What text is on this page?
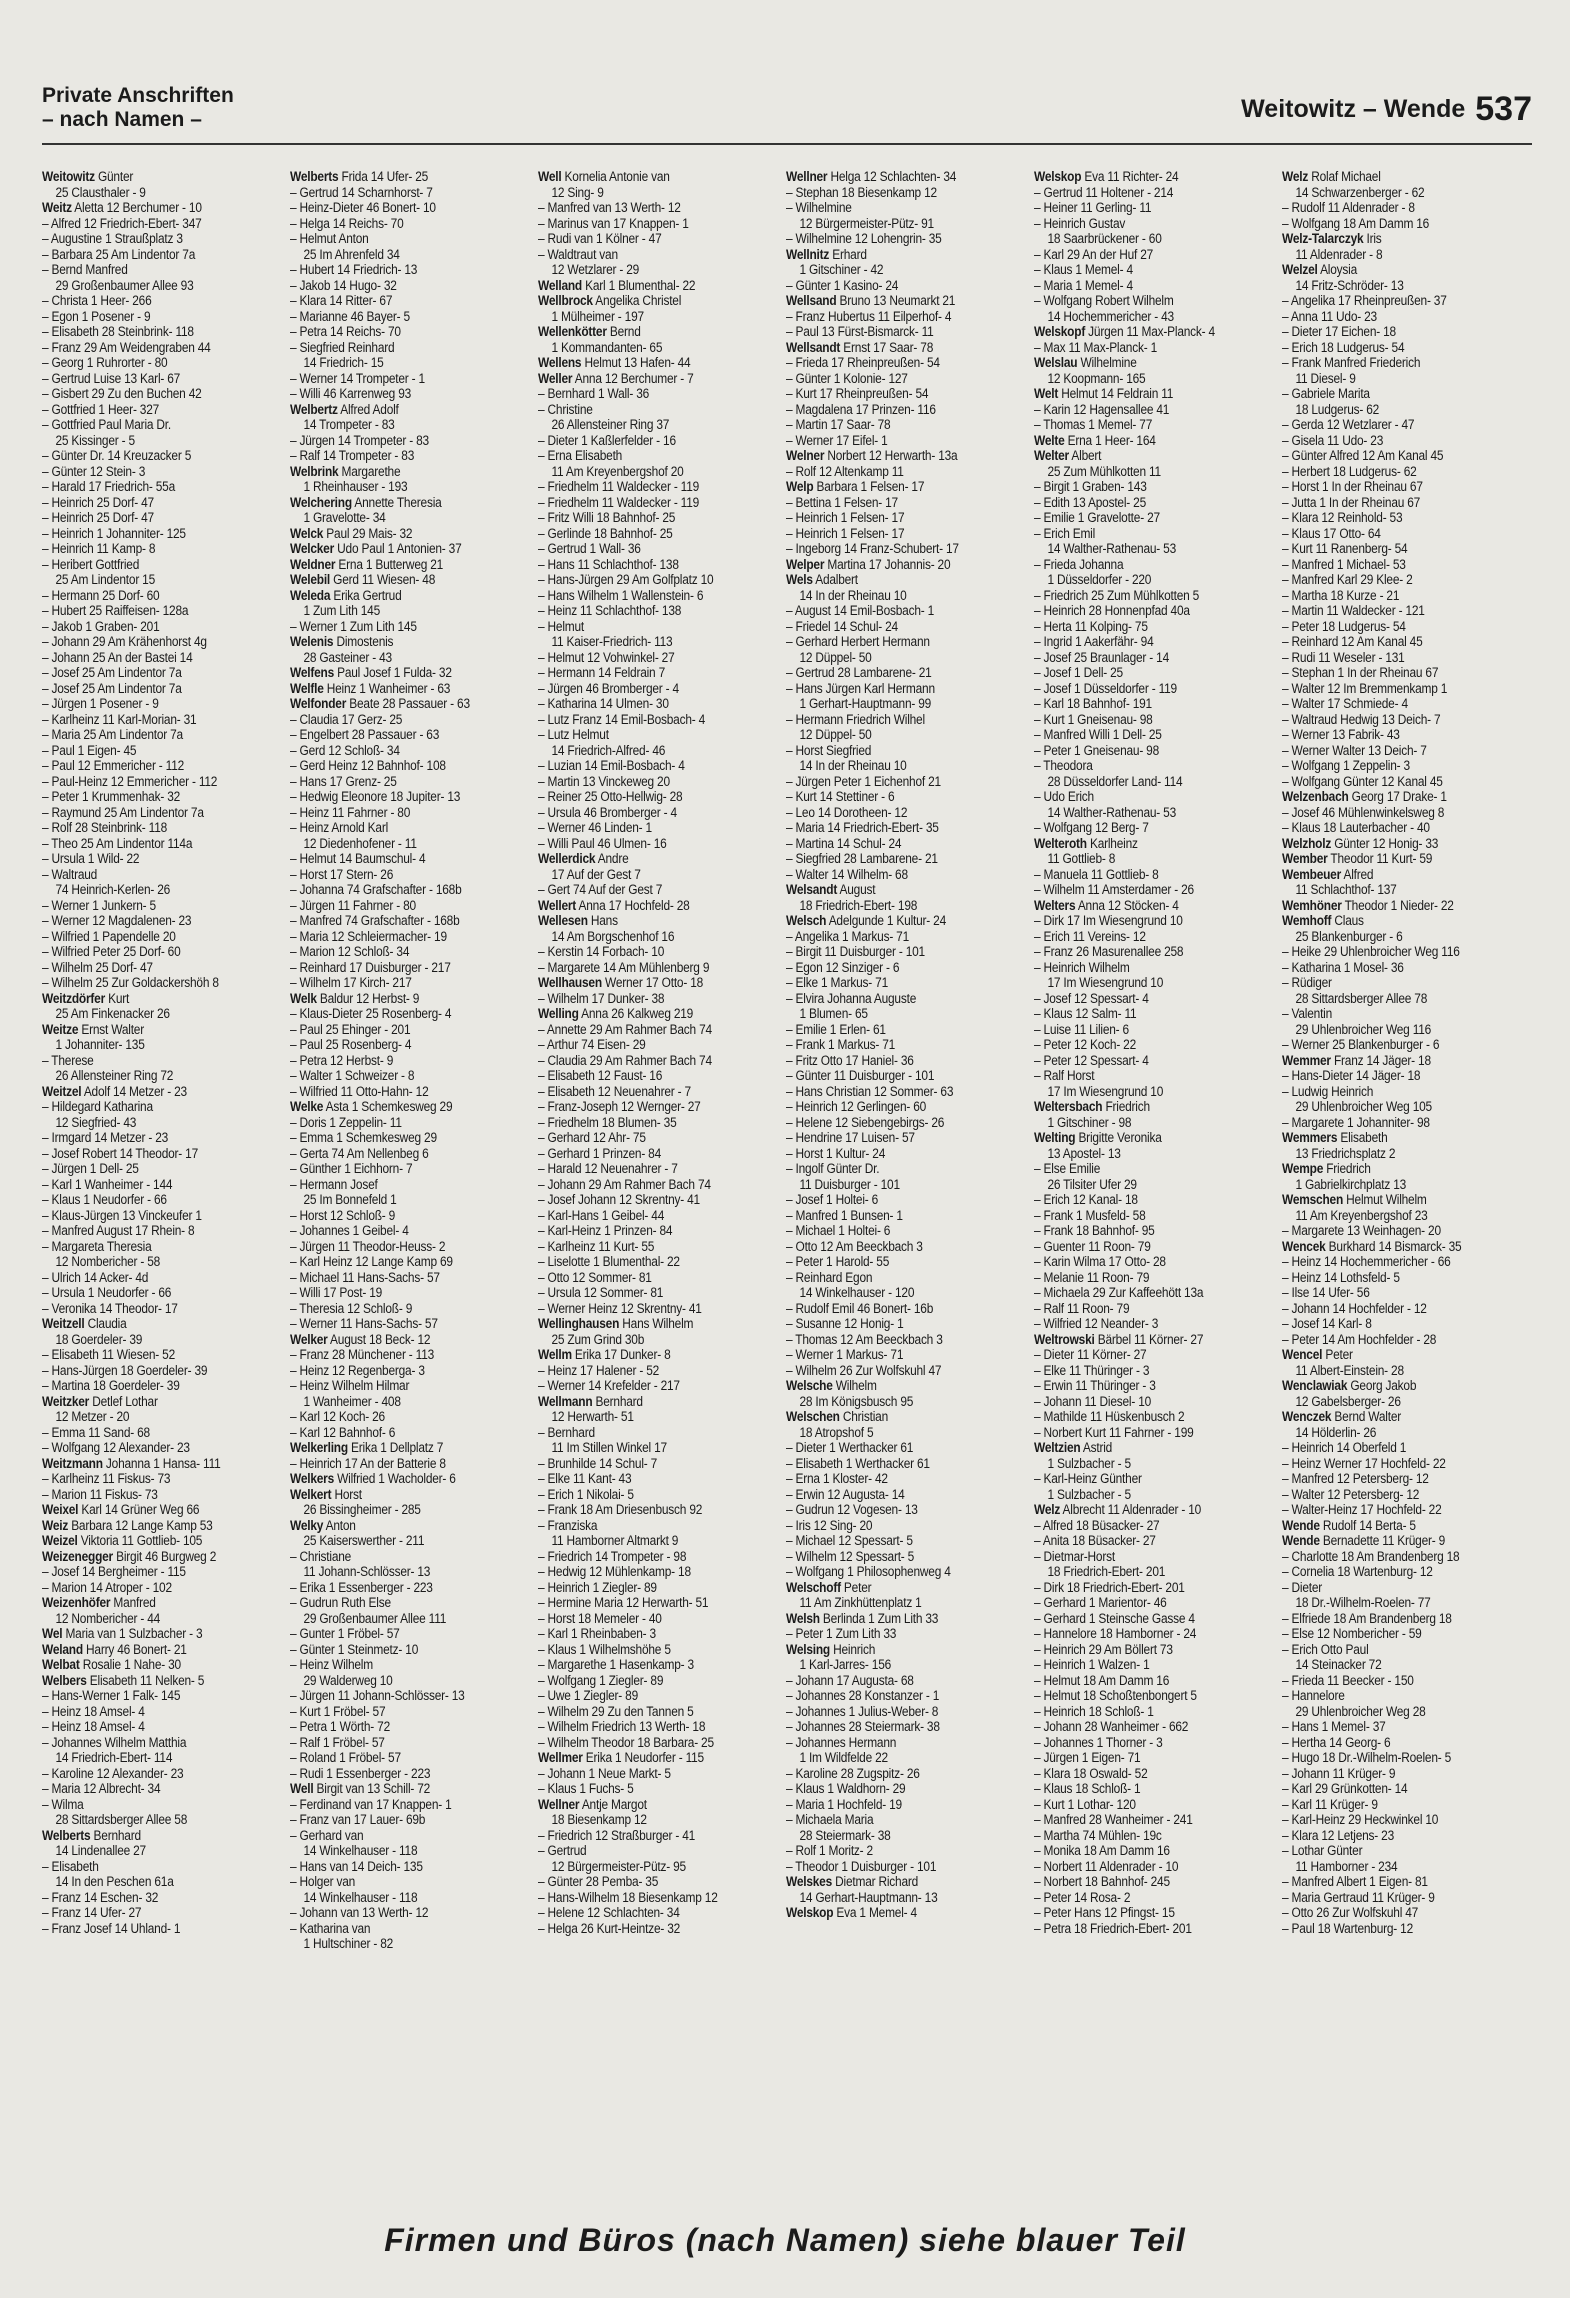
Private Anschriften
– nach Namen –	Weitowitz – Wende 537
Weitowitz Günter
25 Clausthaler - 9
Weitz Aletta 12 Berchumer - 10
– Alfred 12 Friedrich-Ebert- 347
– Augustine 1 Straußplatz 3
– Barbara 25 Am Lindentor 7a
– Bernd Manfred
29 Großenbaumer Allee 93
– Christa 1 Heer- 266
– Egon 1 Posener - 9
– Elisabeth 28 Steinbrink- 118
– Franz 29 Am Weidengraben 44
– Georg 1 Ruhrorter - 80
– Gertrud Luise 13 Karl- 67
– Gisbert 29 Zu den Buchen 42
– Gottfried 1 Heer- 327
– Gottfried Paul Maria Dr.
25 Kissinger - 5
– Günter Dr. 14 Kreuzacker 5
– Günter 12 Stein- 3
– Harald 17 Friedrich- 55a
– Heinrich 25 Dorf- 47
– Heinrich 25 Dorf- 47
– Heinrich 1 Johanniter- 125
– Heinrich 11 Kamp- 8
– Heribert Gottfried
25 Am Lindentor 15
– Hermann 25 Dorf- 60
– Hubert 25 Raiffeisen- 128a
– Jakob 1 Graben- 201
– Johann 29 Am Krähenhorst 4g
– Johann 25 An der Bastei 14
– Josef 25 Am Lindentor 7a
– Josef 25 Am Lindentor 7a
– Jürgen 1 Posener - 9
– Karlheinz 11 Karl-Morian- 31
– Maria 25 Am Lindentor 7a
– Paul 1 Eigen- 45
– Paul 12 Emmericher - 112
– Paul-Heinz 12 Emmericher - 112
– Peter 1 Krummenhak- 32
– Raymund 25 Am Lindentor 7a
– Rolf 28 Steinbrink- 118
– Theo 25 Am Lindentor 114a
– Ursula 1 Wild- 22
– Waltraud
74 Heinrich-Kerlen- 26
– Werner 1 Junkern- 5
– Werner 12 Magdalenen- 23
– Wilfried 1 Papendelle 20
– Wilfried Peter 25 Dorf- 60
– Wilhelm 25 Dorf- 47
– Wilhelm 25 Zur Goldackershöh 8
Weitzdörfer Kurt
25 Am Finkenacker 26
Weitze Ernst Walter
1 Johanniter- 135
– Therese
26 Allensteiner Ring 72
Weitzel Adolf 14 Metzer - 23
– Hildegard Katharina
12 Siegfried- 43
– Irmgard 14 Metzer - 23
– Josef Robert 14 Theodor- 17
– Jürgen 1 Dell- 25
– Karl 1 Wanheimer - 144
– Klaus 1 Neudorfer - 66
– Klaus-Jürgen 13 Vinckeufer 1
– Manfred August 17 Rhein- 8
– Margareta Theresia
12 Nombericher - 58
– Ulrich 14 Acker- 4d
– Ursula 1 Neudorfer - 66
– Veronika 14 Theodor- 17
Weitzell Claudia
18 Goerdeler- 39
– Elisabeth 11 Wiesen- 52
– Hans-Jürgen 18 Goerdeler- 39
– Martina 18 Goerdeler- 39
Weitzker Detlef Lothar
12 Metzer - 20
– Emma 11 Sand- 68
– Wolfgang 12 Alexander- 23
Weitzmann Johanna 1 Hansa- 111
– Karlheinz 11 Fiskus- 73
– Marion 11 Fiskus- 73
Weixel Karl 14 Grüner Weg 66
Weiz Barbara 12 Lange Kamp 53
Weizel Viktoria 11 Gottlieb- 105
Weizenegger Birgit 46 Burgweg 2
– Josef 14 Bergheimer - 115
– Marion 14 Atroper - 102
Weizenhöfer Manfred
12 Nombericher - 44
Wel Maria van 1 Sulzbacher - 3
Weland Harry 46 Bonert- 21
Welbat Rosalie 1 Nahe- 30
Welbers Elisabeth 11 Nelken- 5
– Hans-Werner 1 Falk- 145
– Heinz 18 Amsel- 4
– Heinz 18 Amsel- 4
– Johannes Wilhelm Matthia
14 Friedrich-Ebert- 114
– Karoline 12 Alexander- 23
– Maria 12 Albrecht- 34
– Wilma
28 Sittardsberger Allee 58
Welberts Bernhard
14 Lindenallee 27
– Elisabeth
14 In den Peschen 61a
– Franz 14 Eschen- 32
– Franz 14 Ufer- 27
– Franz Josef 14 Uhland- 1
Welberts Frida 14 Ufer- 25
– Gertrud 14 Scharnhorst- 7
– Heinz-Dieter 46 Bonert- 10
– Helga 14 Reichs- 70
– Helmut Anton
25 Im Ahrenfeld 34
– Hubert 14 Friedrich- 13
– Jakob 14 Hugo- 32
– Klara 14 Ritter- 67
– Marianne 46 Bayer- 5
– Petra 14 Reichs- 70
– Siegfried Reinhard
14 Friedrich- 15
– Werner 14 Trompeter - 1
– Willi 46 Karrenweg 93
Welbertz Alfred Adolf
14 Trompeter - 83
– Jürgen 14 Trompeter - 83
– Ralf 14 Trompeter - 83
Welbrink Margarethe
1 Rheinhauser - 193
Welchering Annette Theresia
1 Gravelotte- 34
Welck Paul 29 Mais- 32
Welcker Udo Paul 1 Antonien- 37
Weldner Erna 1 Butterweg 21
Welebil Gerd 11 Wiesen- 48
Weleda Erika Gertrud
1 Zum Lith 145
– Werner 1 Zum Lith 145
Welenis Dimostenis
28 Gasteiner - 43
Welfens Paul Josef 1 Fulda- 32
Welfle Heinz 1 Wanheimer - 63
Welfonder Beate 28 Passauer - 63
– Claudia 17 Gerz- 25
– Engelbert 28 Passauer - 63
– Gerd 12 Schloß- 34
– Gerd Heinz 12 Bahnhof- 108
– Hans 17 Grenz- 25
– Hedwig Eleonore 18 Jupiter- 13
– Heinz 11 Fahrner - 80
– Heinz Arnold Karl
12 Diedenhofener - 11
– Helmut 14 Baumschul- 4
– Horst 17 Stern- 26
– Johanna 74 Grafschafter - 168b
– Jürgen 11 Fahrner - 80
– Manfred 74 Grafschafter - 168b
– Maria 12 Schleiermacher- 19
– Marion 12 Schloß- 34
– Reinhard 17 Duisburger - 217
– Wilhelm 17 Kirch- 217
Welk Baldur 12 Herbst- 9
– Klaus-Dieter 25 Rosenberg- 4
– Paul 25 Ehinger - 201
– Paul 25 Rosenberg- 4
– Petra 12 Herbst- 9
– Walter 1 Schweizer - 8
– Wilfried 11 Otto-Hahn- 12
Welke Asta 1 Schemkesweg 29
– Doris 1 Zeppelin- 11
– Emma 1 Schemkesweg 29
– Gerta 74 Am Nellenbeg 6
– Günther 1 Eichhorn- 7
– Hermann Josef
25 Im Bonnefeld 1
– Horst 12 Schloß- 9
– Johannes 1 Geibel- 4
– Jürgen 11 Theodor-Heuss- 2
– Karl Heinz 12 Lange Kamp 69
– Michael 11 Hans-Sachs- 57
– Willi 17 Post- 19
– Theresia 12 Schloß- 9
– Werner 11 Hans-Sachs- 57
Welker August 18 Beck- 12
– Franz 28 Münchener - 113
– Heinz 12 Regenberga- 3
– Heinz Wilhelm Hilmar
1 Wanheimer - 408
– Karl 12 Koch- 26
– Karl 12 Bahnhof- 6
Welkerling Erika 1 Dellplatz 7
– Heinrich 17 An der Batterie 8
Welkers Wilfried 1 Wacholder- 6
Welkert Horst
26 Bissingheimer - 285
Welky Anton
25 Kaiserswerther - 211
– Christiane
11 Johann-Schlösser- 13
– Erika 1 Essenberger - 223
– Gudrun Ruth Else
29 Großenbaumer Allee 111
– Gunter 1 Fröbel- 57
– Günter 1 Steinmetz- 10
– Heinz Wilhelm
29 Walderweg 10
– Jürgen 11 Johann-Schlösser- 13
– Kurt 1 Fröbel- 57
– Petra 1 Wörth- 72
– Ralf 1 Fröbel- 57
– Roland 1 Fröbel- 57
– Rudi 1 Essenberger - 223
Well Birgit van 13 Schill- 72
– Ferdinand van 17 Knappen- 1
– Franz van 17 Lauer- 69b
– Gerhard van
14 Winkelhauser - 118
– Hans van 14 Deich- 135
– Holger van
14 Winkelhauser - 118
– Johann van 13 Werth- 12
– Katharina van
1 Hultschiner - 82
Well Kornelia Antonie van
12 Sing- 9
– Manfred van 13 Werth- 12
– Marinus van 17 Knappen- 1
– Rudi van 1 Kölner - 47
– Waldtraut van
12 Wetzlarer - 29
Welland Karl 1 Blumenthal- 22
Wellbrock Angelika Christel
1 Mülheimer - 197
Wellenkötter Bernd
1 Kommandanten- 65
Wellens Helmut 13 Hafen- 44
Weller Anna 12 Berchumer - 7
– Bernhard 1 Wall- 36
– Christine
26 Allensteiner Ring 37
– Dieter 1 Kaßlerfelder - 16
– Erna Elisabeth
11 Am Kreyenbergshof 20
– Friedhelm 11 Waldecker - 119
– Friedhelm 11 Waldecker - 119
– Fritz Willi 18 Bahnhof- 25
– Gerlinde 18 Bahnhof- 25
– Gertrud 1 Wall- 36
– Hans 11 Schlachthof- 138
– Hans-Jürgen 29 Am Golfplatz 10
– Hans Wilhelm 1 Wallenstein- 6
– Heinz 11 Schlachthof- 138
– Helmut
11 Kaiser-Friedrich- 113
– Helmut 12 Vohwinkel- 27
– Hermann 14 Feldrain 7
– Jürgen 46 Bromberger - 4
– Katharina 14 Ulmen- 30
– Lutz Franz 14 Emil-Bosbach- 4
– Lutz Helmut
14 Friedrich-Alfred- 46
– Luzian 14 Emil-Bosbach- 4
– Martin 13 Vinckeweg 20
– Reiner 25 Otto-Hellwig- 28
– Ursula 46 Bromberger - 4
– Werner 46 Linden- 1
– Willi Paul 46 Ulmen- 16
Wellerdick Andre
17 Auf der Gest 7
– Gert 74 Auf der Gest 7
Wellert Anna 17 Hochfeld- 28
Wellesen Hans
14 Am Borgschenhof 16
– Kerstin 14 Forbach- 10
– Margarete 14 Am Mühlenberg 9
Wellhausen Werner 17 Otto- 18
– Wilhelm 17 Dunker- 38
Welling Anna 26 Kalkweg 219
– Annette 29 Am Rahmer Bach 74
– Arthur 74 Eisen- 29
– Claudia 29 Am Rahmer Bach 74
– Elisabeth 12 Faust- 16
– Elisabeth 12 Neuenahrer - 7
– Franz-Joseph 12 Wernger- 27
– Friedhelm 18 Blumen- 35
– Gerhard 12 Ahr- 75
– Gerhard 1 Prinzen- 84
– Harald 12 Neuenahrer - 7
– Johann 29 Am Rahmer Bach 74
– Josef Johann 12 Skrentny- 41
– Karl-Hans 1 Geibel- 44
– Karl-Heinz 1 Prinzen- 84
– Karlheinz 11 Kurt- 55
– Liselotte 1 Blumenthal- 22
– Otto 12 Sommer- 81
– Ursula 12 Sommer- 81
– Werner Heinz 12 Skrentny- 41
Wellinghausen Hans Wilhelm
25 Zum Grind 30b
Wellm Erika 17 Dunker- 8
– Heinz 17 Halener - 52
– Werner 14 Krefelder - 217
Wellmann Bernhard
12 Herwarth- 51
– Bernhard
11 Im Stillen Winkel 17
– Brunhilde 14 Schul- 7
– Elke 11 Kant- 43
– Erich 1 Nikolai- 5
– Frank 18 Am Driesenbusch 92
– Franziska
11 Hamborner Altmarkt 9
– Friedrich 14 Trompeter - 98
– Hedwig 12 Mühlenkamp- 18
– Heinrich 1 Ziegler- 89
– Hermine Maria 12 Herwarth- 51
– Horst 18 Memeler - 40
– Karl 1 Rheinbaben- 3
– Klaus 1 Wilhelmshöhe 5
– Margarethe 1 Hasenkamp- 3
– Wolfgang 1 Ziegler- 89
– Uwe 1 Ziegler- 89
– Wilhelm 29 Zu den Tannen 5
– Wilhelm Friedrich 13 Werth- 18
– Wilhelm Theodor 18 Barbara- 25
Wellmer Erika 1 Neudorfer - 115
– Johann 1 Neue Markt- 5
– Klaus 1 Fuchs- 5
Wellner Antje Margot
18 Biesenkamp 12
– Friedrich 12 Straßburger - 41
– Gertrud
12 Bürgermeister-Pütz- 95
– Günter 28 Pemba- 35
– Hans-Wilhelm 18 Biesenkamp 12
– Helene 12 Schlachten- 34
– Helga 26 Kurt-Heintze- 32
Wellner Helga 12 Schlachten- 34
– Stephan 18 Biesenkamp 12
– Wilhelmine
12 Bürgermeister-Pütz- 91
– Wilhelmine 12 Lohengrin- 35
Wellnitz Erhard
1 Gitschiner - 42
– Günter 1 Kasino- 24
Wellsand Bruno 13 Neumarkt 21
– Franz Hubertus 11 Eilperhof- 4
– Paul 13 Fürst-Bismarck- 11
Wellsandt Ernst 17 Saar- 78
– Frieda 17 Rheinpreußen- 54
– Günter 1 Kolonie- 127
– Kurt 17 Rheinpreußen- 54
– Magdalena 17 Prinzen- 116
– Martin 17 Saar- 78
– Werner 17 Eifel- 1
Welner Norbert 12 Herwarth- 13a
– Rolf 12 Altenkamp 11
Welp Barbara 1 Felsen- 17
– Bettina 1 Felsen- 17
– Heinrich 1 Felsen- 17
– Heinrich 1 Felsen- 17
– Ingeborg 14 Franz-Schubert- 17
Welper Martina 17 Johannis- 20
Wels Adalbert
14 In der Rheinau 10
– August 14 Emil-Bosbach- 1
– Friedel 14 Schul- 24
– Gerhard Herbert Hermann
12 Düppel- 50
– Gertrud 28 Lambarene- 21
– Hans Jürgen Karl Hermann
1 Gerhart-Hauptmann- 99
– Hermann Friedrich Wilhel
12 Düppel- 50
– Horst Siegfried
14 In der Rheinau 10
– Jürgen Peter 1 Eichenhof 21
– Kurt 14 Stettiner - 6
– Leo 14 Dorotheen- 12
– Maria 14 Friedrich-Ebert- 35
– Martina 14 Schul- 24
– Siegfried 28 Lambarene- 21
– Walter 14 Wilhelm- 68
Welsandt August
18 Friedrich-Ebert- 198
Welsch Adelgunde 1 Kultur- 24
– Angelika 1 Markus- 71
– Birgit 11 Duisburger - 101
– Egon 12 Sinziger - 6
– Elke 1 Markus- 71
– Elvira Johanna Auguste
1 Blumen- 65
– Emilie 1 Erlen- 61
– Frank 1 Markus- 71
– Fritz Otto 17 Haniel- 36
– Günter 11 Duisburger - 101
– Hans Christian 12 Sommer- 63
– Heinrich 12 Gerlingen- 60
– Helene 12 Siebengebirgs- 26
– Hendrine 17 Luisen- 57
– Horst 1 Kultur- 24
– Ingolf Günter Dr.
11 Duisburger - 101
– Josef 1 Holtei- 6
– Manfred 1 Bunsen- 1
– Michael 1 Holtei- 6
– Otto 12 Am Beeckbach 3
– Peter 1 Harold- 55
– Reinhard Egon
14 Winkelhauser - 120
– Rudolf Emil 46 Bonert- 16b
– Susanne 12 Honig- 1
– Thomas 12 Am Beeckbach 3
– Werner 1 Markus- 71
– Wilhelm 26 Zur Wolfskuhl 47
Welsche Wilhelm
28 Im Königsbusch 95
Welschen Christian
18 Atropshof 5
– Dieter 1 Werthacker 61
– Elisabeth 1 Werthacker 61
– Erna 1 Kloster- 42
– Erwin 12 Augusta- 14
– Gudrun 12 Vogesen- 13
– Iris 12 Sing- 20
– Michael 12 Spessart- 5
– Wilhelm 12 Spessart- 5
– Wolfgang 1 Philosophenweg 4
Welschoff Peter
11 Am Zinkhüttenplatz 1
Welsh Berlinda 1 Zum Lith 33
– Peter 1 Zum Lith 33
Welsing Heinrich
1 Karl-Jarres- 156
– Johann 17 Augusta- 68
– Johannes 28 Konstanzer - 1
– Johannes 1 Julius-Weber- 8
– Johannes 28 Steiermark- 38
– Johannes Hermann
1 Im Wildfelde 22
– Karoline 28 Zugspitz- 26
– Klaus 1 Waldhorn- 29
– Maria 1 Hochfeld- 19
– Michaela Maria
28 Steiermark- 38
– Rolf 1 Moritz- 2
– Theodor 1 Duisburger - 101
Welskes Dietmar Richard
14 Gerhart-Hauptmann- 13
Welskop Eva 1 Memel- 4
Welskop Eva 11 Richter- 24
– Gertrud 11 Holtener - 214
– Heiner 11 Gerling- 11
– Heinrich Gustav
18 Saarbrückener - 60
– Karl 29 An der Huf 27
– Klaus 1 Memel- 4
– Maria 1 Memel- 4
– Wolfgang Robert Wilhelm
14 Hochemmericher - 43
Welskopf Jürgen 11 Max-Planck- 4
– Max 11 Max-Planck- 1
Welslau Wilhelmine
12 Koopmann- 165
Welt Helmut 14 Feldrain 11
– Karin 12 Hagensallee 41
– Thomas 1 Memel- 77
Welte Erna 1 Heer- 164
Welter Albert
25 Zum Mühlkotten 11
– Birgit 1 Graben- 143
– Edith 13 Apostel- 25
– Emilie 1 Gravelotte- 27
– Erich Emil
14 Walther-Rathenau- 53
– Frieda Johanna
1 Düsseldorfer - 220
– Friedrich 25 Zum Mühlkotten 5
– Heinrich 28 Honnenpfad 40a
– Herta 11 Kolping- 75
– Ingrid 1 Aakerfähr- 94
– Josef 25 Braunlager - 14
– Josef 1 Dell- 25
– Josef 1 Düsseldorfer - 119
– Karl 18 Bahnhof- 191
– Kurt 1 Gneisenau- 98
– Manfred Willi 1 Dell- 25
– Peter 1 Gneisenau- 98
– Theodora
28 Düsseldorfer Land- 114
– Udo Erich
14 Walther-Rathenau- 53
– Wolfgang 12 Berg- 7
Welteroth Karlheinz
11 Gottlieb- 8
– Manuela 11 Gottlieb- 8
– Wilhelm 11 Amsterdamer - 26
Welters Anna 12 Stöcken- 4
– Dirk 17 Im Wiesengrund 10
– Erich 11 Vereins- 12
– Franz 26 Masurenallee 258
– Heinrich Wilhelm
17 Im Wiesengrund 10
– Josef 12 Spessart- 4
– Klaus 12 Salm- 11
– Luise 11 Lilien- 6
– Peter 12 Koch- 22
– Peter 12 Spessart- 4
– Ralf Horst
17 Im Wiesengrund 10
Weltersbach Friedrich
1 Gitschiner - 98
Welting Brigitte Veronika
13 Apostel- 13
– Else Emilie
26 Tilsiter Ufer 29
– Erich 12 Kanal- 18
– Frank 1 Musfeld- 58
– Frank 18 Bahnhof- 95
– Guenter 11 Roon- 79
– Karin Wilma 17 Otto- 28
– Melanie 11 Roon- 79
– Michaela 29 Zur Kaffeehött 13a
– Ralf 11 Roon- 79
– Wilfried 12 Neander- 3
Weltrowski Bärbel 11 Körner- 27
– Dieter 11 Körner- 27
– Elke 11 Thüringer - 3
– Erwin 11 Thüringer - 3
– Johann 11 Diesel- 10
– Mathilde 11 Hüskenbusch 2
– Norbert Kurt 11 Fahrner - 199
Weltzien Astrid
1 Sulzbacher - 5
– Karl-Heinz Günther
1 Sulzbacher - 5
Welz Albrecht 11 Aldenrader - 10
– Alfred 18 Büsacker- 27
– Anita 18 Büsacker- 27
– Dietmar-Horst
18 Friedrich-Ebert- 201
– Dirk 18 Friedrich-Ebert- 201
– Gerhard 1 Marientor- 46
– Gerhard 1 Steinsche Gasse 4
– Hannelore 18 Hamborner - 24
– Heinrich 29 Am Böllert 73
– Heinrich 1 Walzen- 1
– Helmut 18 Am Damm 16
– Helmut 18 Schoßtenbongert 5
– Heinrich 18 Schloß- 1
– Johann 28 Wanheimer - 662
– Johannes 1 Thorner - 3
– Jürgen 1 Eigen- 71
– Klara 18 Oswald- 52
– Klaus 18 Schloß- 1
– Kurt 1 Lothar- 120
– Manfred 28 Wanheimer - 241
– Martha 74 Mühlen- 19c
– Monika 18 Am Damm 16
– Norbert 11 Aldenrader - 10
– Norbert 18 Bahnhof- 245
– Peter 14 Rosa- 2
– Peter Hans 12 Pfingst- 15
– Petra 18 Friedrich-Ebert- 201
Welz Rolaf Michael
14 Schwarzenberger - 62
– Rudolf 11 Aldenrader - 8
– Wolfgang 18 Am Damm 16
Welz-Talarczyk Iris
11 Aldenrader - 8
Welzel Aloysia
14 Fritz-Schröder- 13
– Angelika 17 Rheinpreußen- 37
– Anna 11 Udo- 23
– Dieter 17 Eichen- 18
– Erich 18 Ludgerus- 54
– Frank Manfred Friederich
11 Diesel- 9
– Gabriele Marita
18 Ludgerus- 62
– Gerda 12 Wetzlarer - 47
– Gisela 11 Udo- 23
– Günter Alfred 12 Am Kanal 45
– Herbert 18 Ludgerus- 62
– Horst 1 In der Rheinau 67
– Jutta 1 In der Rheinau 67
– Klara 12 Reinhold- 53
– Klaus 17 Otto- 64
– Kurt 11 Ranenberg- 54
– Manfred 1 Michael- 53
– Manfred Karl 29 Klee- 2
– Martha 18 Kurze - 21
– Martin 11 Waldecker - 121
– Peter 18 Ludgerus- 54
– Reinhard 12 Am Kanal 45
– Rudi 11 Weseler - 131
– Stephan 1 In der Rheinau 67
– Walter 12 Im Bremmenkamp 1
– Walter 17 Schmiede- 4
– Waltraud Hedwig 13 Deich- 7
– Werner 13 Fabrik- 43
– Werner Walter 13 Deich- 7
– Wolfgang 1 Zeppelin- 3
– Wolfgang Günter 12 Kanal 45
Welzenbach Georg 17 Drake- 1
– Josef 46 Mühlenwinkelsweg 8
– Klaus 18 Lauterbacher - 40
Welzholz Günter 12 Honig- 33
Wember Theodor 11 Kurt- 59
Wembeuer Alfred
11 Schlachthof- 137
Wemhöner Theodor 1 Nieder- 22
Wemhoff Claus
25 Blankenburger - 6
– Heike 29 Uhlenbroicher Weg 116
– Katharina 1 Mosel- 36
– Rüdiger
28 Sittardsberger Allee 78
– Valentin
29 Uhlenbroicher Weg 116
– Werner 25 Blankenburger - 6
Wemmer Franz 14 Jäger- 18
– Hans-Dieter 14 Jäger- 18
– Ludwig Heinrich
29 Uhlenbroicher Weg 105
– Margarete 1 Johanniter- 98
Wemmers Elisabeth
13 Friedrichsplatz 2
Wempe Friedrich
1 Gabrielkirchplatz 13
Wemschen Helmut Wilhelm
11 Am Kreyenbergshof 23
– Margarete 13 Weinhagen- 20
Wencek Burkhard 14 Bismarck- 35
– Heinz 14 Hochemmericher - 66
– Heinz 14 Lothsfeld- 5
– Ilse 14 Ufer- 56
– Johann 14 Hochfelder - 12
– Josef 14 Karl- 8
– Peter 14 Am Hochfelder - 28
Wencel Peter
11 Albert-Einstein- 28
Wenclawiak Georg Jakob
12 Gabelsberger- 26
Wenczek Bernd Walter
14 Hölderlin- 26
– Heinrich 14 Oberfeld 1
– Heinz Werner 17 Hochfeld- 22
– Manfred 12 Petersberg- 12
– Walter 12 Petersberg- 12
– Walter-Heinz 17 Hochfeld- 22
Wende Rudolf 14 Berta- 5
Wende Bernadette 11 Krüger- 9
– Charlotte 18 Am Brandenberg 18
– Cornelia 18 Wartenburg- 12
– Dieter
18 Dr.-Wilhelm-Roelen- 77
– Elfriede 18 Am Brandenberg 18
– Else 12 Nombericher - 59
– Erich Otto Paul
14 Steinacker 72
– Frieda 11 Beecker - 150
– Hannelore
29 Uhlenbroicher Weg 28
– Hans 1 Memel- 37
– Hertha 14 Georg- 6
– Hugo 18 Dr.-Wilhelm-Roelen- 5
– Johann 11 Krüger- 9
– Karl 29 Grünkotten- 14
– Karl 11 Krüger- 9
– Karl-Heinz 29 Heckwinkel 10
– Klara 12 Letjens- 23
– Lothar Günter
11 Hamborner - 234
– Manfred Albert 1 Eigen- 81
– Maria Gertraud 11 Krüger- 9
– Otto 26 Zur Wolfskuhl 47
– Paul 18 Wartenburg- 12
Firmen und Büros (nach Namen) siehe blauer Teil
